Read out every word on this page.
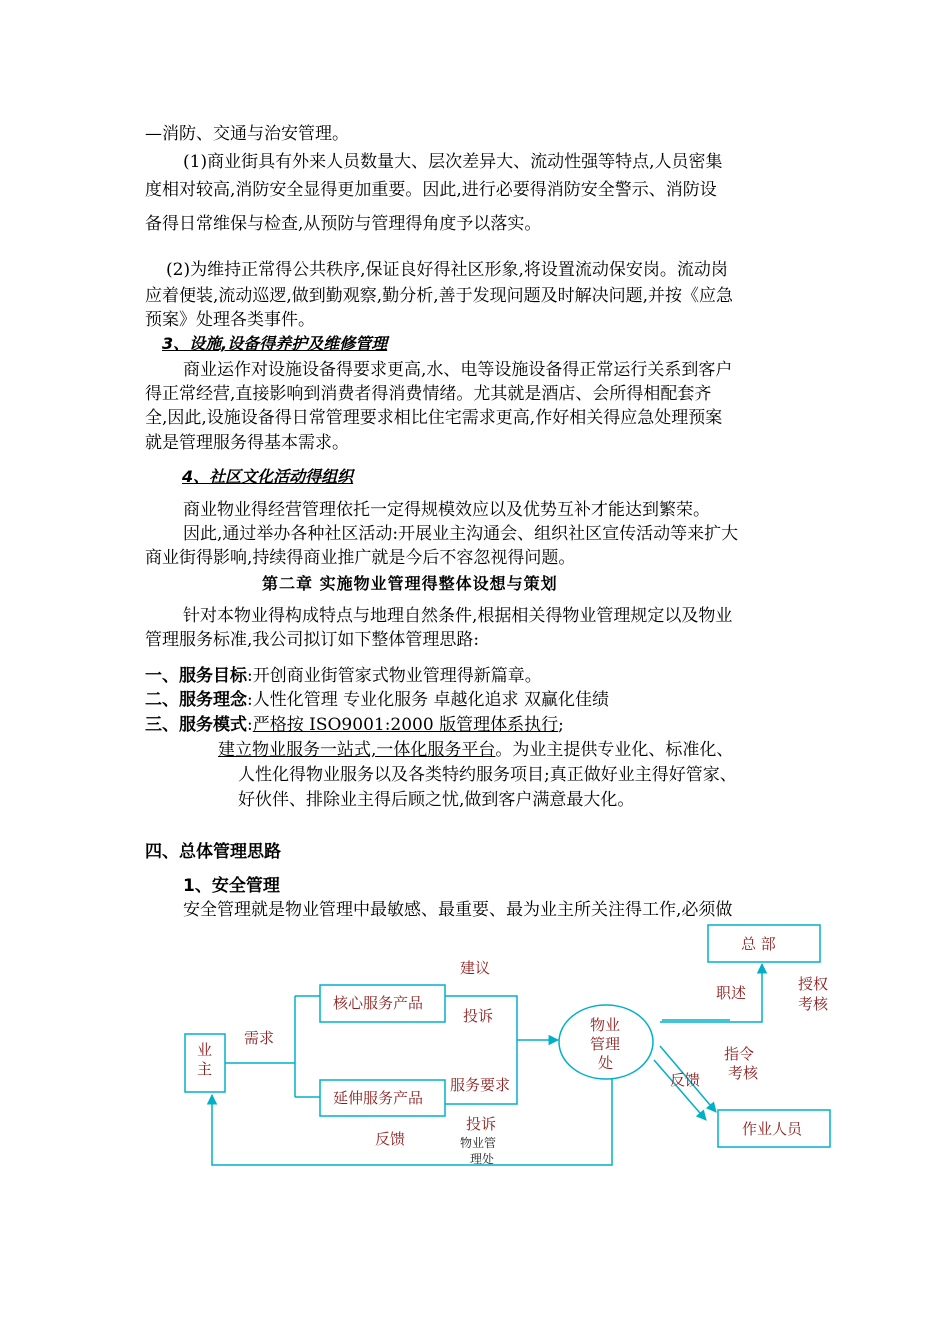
—消防、交通与治安管理。
(1)商业街具有外来人员数量大、层次差异大、流动性强等特点,人员密集
度相对较高,消防安全显得更加重要。因此,进行必要得消防安全警示、消防设
备得日常维保与检查,从预防与管理得角度予以落实。
(2)为维持正常得公共秩序,保证良好得社区形象,将设置流动保安岗。流动岗
应着便装,流动巡逻,做到勤观察,勤分析,善于发现问题及时解决问题,并按《应急
预案》处理各类事件。
3、设施,设备得养护及维修管理
商业运作对设施设备得要求更高,水、电等设施设备得正常运行关系到客户
得正常经营,直接影响到消费者得消费情绪。尤其就是酒店、会所得相配套齐
全,因此,设施设备得日常管理要求相比住宅需求更高,作好相关得应急处理预案
就是管理服务得基本需求。
4、社区文化活动得组织
商业物业得经营管理依托一定得规模效应以及优势互补才能达到繁荣。
因此,通过举办各种社区活动:开展业主沟通会、组织社区宣传活动等来扩大
商业街得影响,持续得商业推广就是今后不容忽视得问题。
第二章 实施物业管理得整体设想与策划
针对本物业得构成特点与地理自然条件,根据相关得物业管理规定以及物业
管理服务标准,我公司拟订如下整体管理思路:
一、服务目标:开创商业街管家式物业管理得新篇章。
二、服务理念:人性化管理 专业化服务 卓越化追求 双赢化佳绩
三、服务模式:严格按 ISO9001:2000 版管理体系执行;
建立物业服务一站式,一体化服务平台。为业主提供专业化、标准化、
人性化得物业服务以及各类特约服务项目;真正做好业主得好管家、
好伙伴、排除业主得后顾之忧,做到客户满意最大化。
四、总体管理思路
1、安全管理
安全管理就是物业管理中最敏感、最重要、最为业主所关注得工作,必须做
业
主
核心服务产品
延伸服务产品
物业
管理
处
总 部
作业人员
需求
建议
投诉
服务要求
投诉
反馈	物业管
理处
职述	授权
考核
指令
考核
反馈
